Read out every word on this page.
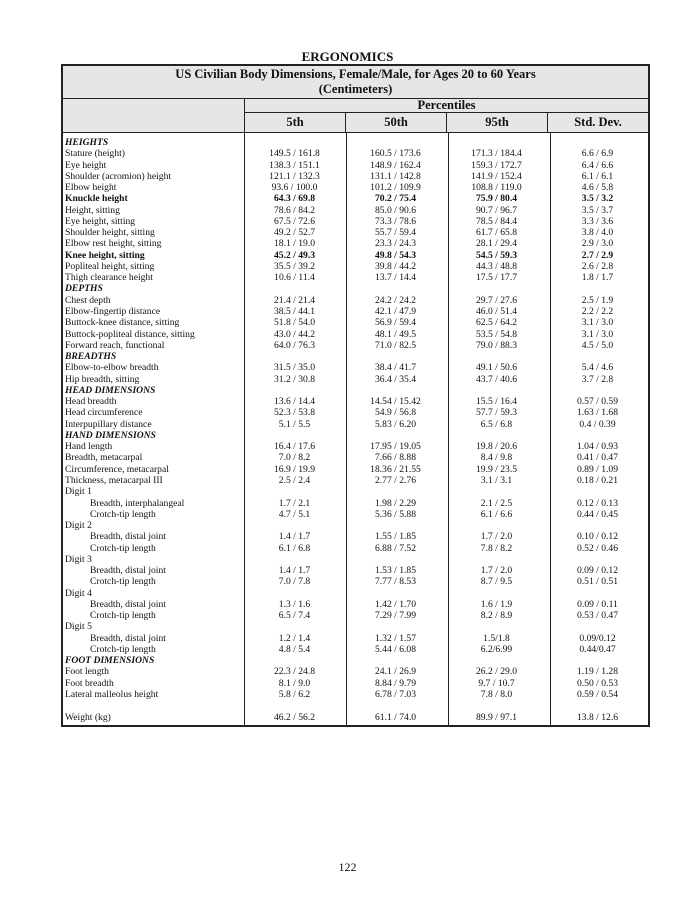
ERGONOMICS
US Civilian Body Dimensions, Female/Male, for Ages 20 to 60 Years
(Centimeters)
Percentiles
5th	50th	95th	Std. Dev.
HEIGHTS
Stature (height)	149.5 / 161.8	160.5 / 173.6	171.3 / 184.4	6.6 / 6.9
Eye height	138.3 / 151.1	148.9 / 162.4	159.3 / 172.7	6.4 / 6.6
Shoulder (acromion) height	121.1 / 132.3	131.1 / 142.8	141.9 / 152.4	6.1 / 6.1
Elbow height	93.6 / 100.0	101.2 / 109.9	108.8 / 119.0	4.6 / 5.8
Knuckle height	64.3 / 69.8	70.2 / 75.4	75.9 / 80.4	3.5 / 3.2
Height, sitting	78.6 / 84.2	85.0 / 90.6	90.7 / 96.7	3.5 / 3.7
Eye height, sitting	67.5 / 72.6	73.3 / 78.6	78.5 / 84.4	3.3 / 3.6
Shoulder height, sitting	49.2 / 52.7	55.7 / 59.4	61.7 / 65.8	3.8 / 4.0
Elbow rest height, sitting	18.1 / 19.0	23.3 / 24.3	28.1 / 29.4	2.9 / 3.0
Knee height, sitting	45.2 / 49.3	49.8 / 54.3	54.5 / 59.3	2.7 / 2.9
Popliteal height, sitting	35.5 / 39.2	39.8 / 44.2	44.3 / 48.8	2.6 / 2.8
Thigh clearance height	10.6 / 11.4	13.7 / 14.4	17.5 / 17.7	1.8 / 1.7
DEPTHS
Chest depth	21.4 / 21.4	24.2 / 24.2	29.7 / 27.6	2.5 / 1.9
Elbow-fingertip distance	38.5 / 44.1	42.1 / 47.9	46.0 / 51.4	2.2 / 2.2
Buttock-knee distance, sitting	51.8 / 54.0	56.9 / 59.4	62.5 / 64.2	3.1 / 3.0
Buttock-popliteal distance, sitting	43.0 / 44.2	48.1 / 49.5	53.5 / 54.8	3.1 / 3.0
Forward reach, functional	64.0 / 76.3	71.0 / 82.5	79.0 / 88.3	4.5 / 5.0
BREADTHS
Elbow-to-elbow breadth	31.5 / 35.0	38.4 / 41.7	49.1 / 50.6	5.4 / 4.6
Hip breadth, sitting	31.2 / 30.8	36.4 / 35.4	43.7 / 40.6	3.7 / 2.8
HEAD DIMENSIONS
Head breadth	13.6 / 14.4	14.54 / 15.42	15.5 / 16.4	0.57 / 0.59
Head circumference	52.3 / 53.8	54.9 / 56.8	57.7 / 59.3	1.63 / 1.68
Interpupillary distance	5.1 / 5.5	5.83 / 6.20	6.5 / 6.8	0.4 / 0.39
HAND DIMENSIONS
Hand length	16.4 / 17.6	17.95 / 19.05	19.8 / 20.6	1.04 / 0.93
Breadth, metacarpal	7.0 / 8.2	7.66 / 8.88	8.4 / 9.8	0.41 / 0.47
Circumference, metacarpal	16.9 / 19.9	18.36 / 21.55	19.9 / 23.5	0.89 / 1.09
Thickness, metacarpal III	2.5 / 2.4	2.77 / 2.76	3.1 / 3.1	0.18 / 0.21
Digit 1
Breadth, interphalangeal	1.7 / 2.1	1.98 / 2.29	2.1 / 2.5	0.12 / 0.13
Crotch-tip length	4.7 / 5.1	5.36 / 5.88	6.1 / 6.6	0.44 / 0.45
Digit 2
Breadth, distal joint	1.4 / 1.7	1.55 / 1.85	1.7 / 2.0	0.10 / 0.12
Crotch-tip length	6.1 / 6.8	6.88 / 7.52	7.8 / 8.2	0.52 / 0.46
Digit 3
Breadth, distal joint	1.4 / 1.7	1.53 / 1.85	1.7 / 2.0	0.09 / 0.12
Crotch-tip length	7.0 / 7.8	7.77 / 8.53	8.7 / 9.5	0.51 / 0.51
Digit 4
Breadth, distal joint	1.3 / 1.6	1.42 / 1.70	1.6 / 1.9	0.09 / 0.11
Crotch-tip length	6.5 / 7.4	7.29 / 7.99	8.2 / 8.9	0.53 / 0.47
Digit 5
Breadth, distal joint	1.2 / 1.4	1.32 / 1.57	1.5/1.8	0.09/0.12
Crotch-tip length	4.8 / 5.4	5.44 / 6.08	6.2/6.99	0.44/0.47
FOOT DIMENSIONS
Foot length	22.3 / 24.8	24.1 / 26.9	26.2 / 29.0	1.19 / 1.28
Foot breadth	8.1 / 9.0	8.84 / 9.79	9.7 / 10.7	0.50 / 0.53
Lateral malleolus height	5.8 / 6.2	6.78 / 7.03	7.8 / 8.0	0.59 / 0.54
Weight (kg)	46.2 / 56.2	61.1 / 74.0	89.9 / 97.1	13.8 / 12.6
122
